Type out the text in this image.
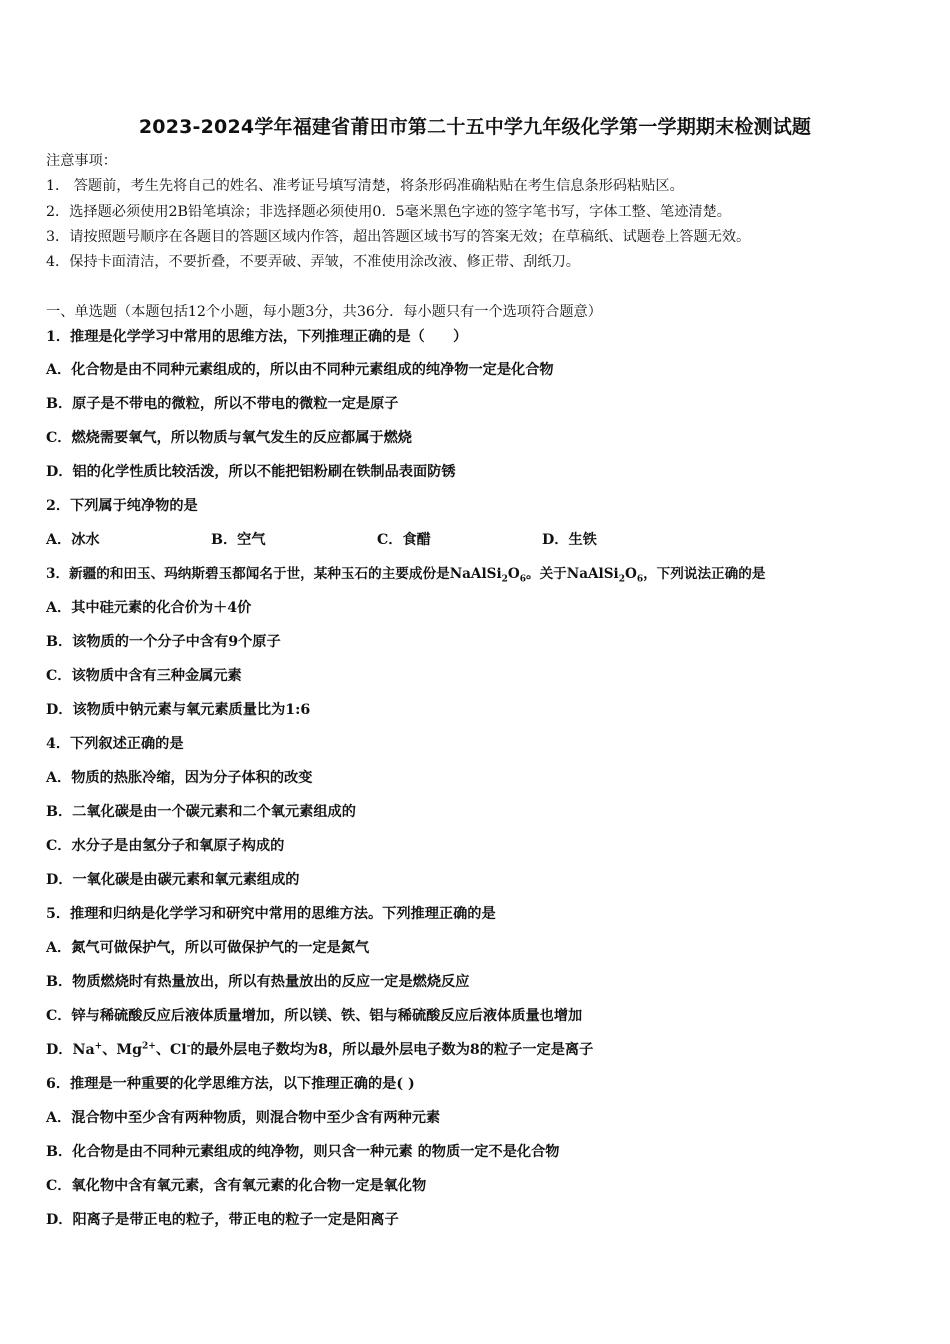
2023-2024学年福建省莆田市第二十五中学九年级化学第一学期期末检测试题
注意事项：
1． 答题前，考生先将自己的姓名、准考证号填写清楚，将条形码准确粘贴在考生信息条形码粘贴区。
2．选择题必须使用2B铅笔填涂；非选择题必须使用0．5毫米黑色字迹的签字笔书写，字体工整、笔迹清楚。
3．请按照题号顺序在各题目的答题区域内作答，超出答题区域书写的答案无效；在草稿纸、试题卷上答题无效。
4．保持卡面清洁，不要折叠，不要弄破、弄皱，不准使用涂改液、修正带、刮纸刀。
一、单选题（本题包括12个小题，每小题3分，共36分．每小题只有一个选项符合题意）
1．推理是化学学习中常用的思维方法，下列推理正确的是（　　）
A．化合物是由不同种元素组成的，所以由不同种元素组成的纯净物一定是化合物
B．原子是不带电的微粒，所以不带电的微粒一定是原子
C．燃烧需要氧气，所以物质与氧气发生的反应都属于燃烧
D．铝的化学性质比较活泼，所以不能把铝粉刷在铁制品表面防锈
2．下列属于纯净物的是
A．冰水	B．空气	C．食醋	D．生铁
3．新疆的和田玉、玛纳斯碧玉都闻名于世，某种玉石的主要成份是$NaAlSi_2O_6$。关于$NaAlSi_2O_6$，下列说法正确的是
A．其中硅元素的化合价为＋4价
B．该物质的一个分子中含有9个原子
C．该物质中含有三种金属元素
D．该物质中钠元素与氧元素质量比为1:6
4．下列叙述正确的是
A．物质的热胀冷缩，因为分子体积的改变
B．二氧化碳是由一个碳元素和二个氧元素组成的
C．水分子是由氢分子和氧原子构成的
D．一氧化碳是由碳元素和氧元素组成的
5．推理和归纳是化学学习和研究中常用的思维方法。下列推理正确的是
A．氮气可做保护气，所以可做保护气的一定是氮气
B．物质燃烧时有热量放出，所以有热量放出的反应一定是燃烧反应
C．锌与稀硫酸反应后液体质量增加，所以镁、铁、铝与稀硫酸反应后液体质量也增加
D．Na+、$Mg^{2+}$、Cl-的最外层电子数均为8，所以最外层电子数为8的粒子一定是离子
6．推理是一种重要的化学思维方法，以下推理正确的是( )
A．混合物中至少含有两种物质，则混合物中至少含有两种元素
B．化合物是由不同种元素组成的纯净物，则只含一种元素 的物质一定不是化合物
C．氧化物中含有氧元素，含有氧元素的化合物一定是氧化物
D．阳离子是带正电的粒子，带正电的粒子一定是阳离子
